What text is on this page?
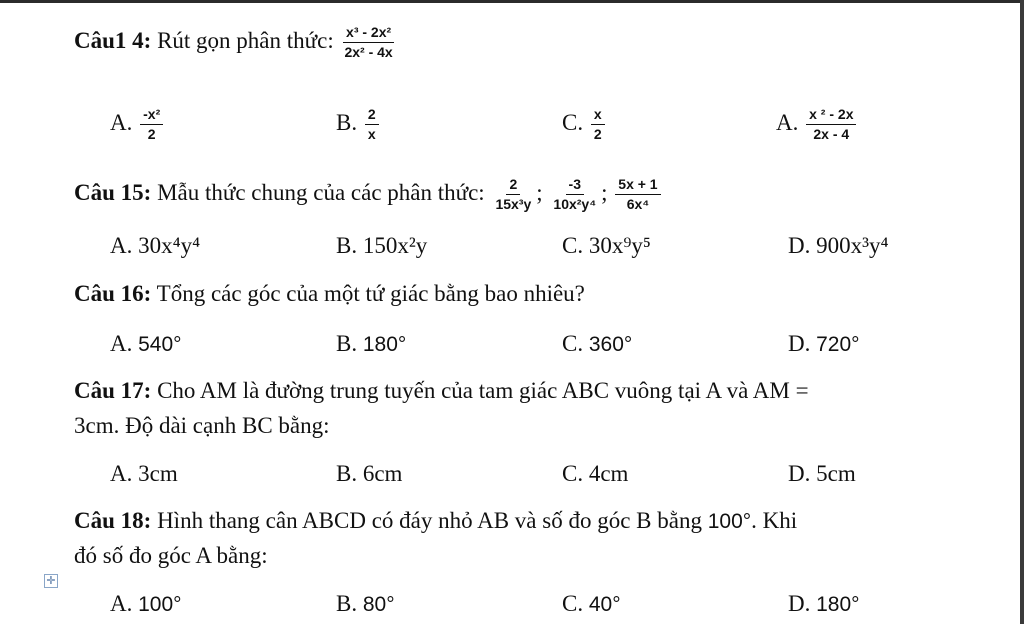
Câu1 4: Rút gọn phân thức: $\frac{\text{x³ - 2x²}}{\text{2x² - 4x}}$
A. $\frac{\text{-x²}}{2}$	B. $\frac{2}{x}$	C. $\frac{x}{2}$	A. $\frac{\text{x ² - 2x}}{2x - 4}$
Câu 15: Mẫu thức chung của các phân thức: $\frac{2}{\text{15x³y}}$ ; $\frac{-3}{\text{10x²y⁴}}$ ; $\frac{5x + 1}{\text{6x⁴}}$
A. 30x⁴y⁴	B. 150x²y	C. 30x⁹y⁵	D. 900x³y⁴
Câu 16: Tổng các góc của một tứ giác bằng bao nhiêu?
A. 540°	B. 180°	C. 360°	D. 720°
Câu 17: Cho AM là đường trung tuyến của tam giác ABC vuông tại A và AM =
3cm. Độ dài cạnh BC bằng:
A. 3cm	B. 6cm	C. 4cm	D. 5cm
Câu 18: Hình thang cân ABCD có đáy nhỏ AB và số đo góc B bằng 100°. Khi
đó số đo góc A bằng:
✛
A. 100°	B. 80°	C. 40°	D. 180°
